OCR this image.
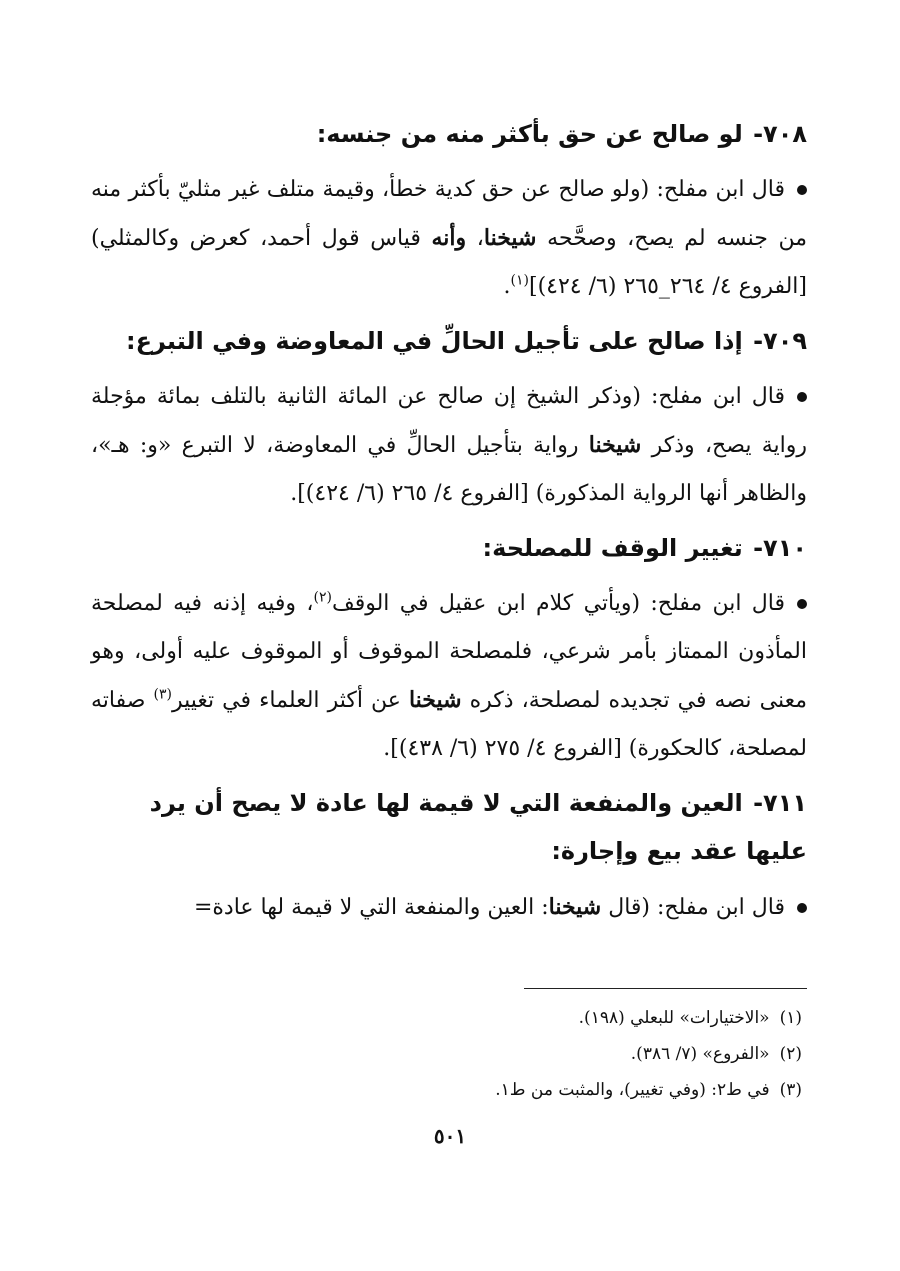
٧٠٨- لو صالح عن حق بأكثر منه من جنسه:

قال ابن مفلح: (ولو صالح عن حق كدية خطأ، وقيمة متلف غير مثليّ بأكثر منه من جنسه لم يصح، وصحَّحه شيخنا، وأنه قياس قول أحمد، كعرض وكالمثلي) [الفروع ٤/ ٢٦٤_٢٦٥ (٦/ ٤٢٤)]$^{(١)}$.

٧٠٩- إذا صالح على تأجيل الحالِّ في المعاوضة وفي التبرع:

قال ابن مفلح: (وذكر الشيخ إن صالح عن المائة الثانية بالتلف بمائة مؤجلة رواية يصح، وذكر شيخنا رواية بتأجيل الحالِّ في المعاوضة، لا التبرع «و: هـ»، والظاهر أنها الرواية المذكورة) [الفروع ٤/ ٢٦٥ (٦/ ٤٢٤)].

٧١٠- تغيير الوقف للمصلحة:

قال ابن مفلح: (ويأتي كلام ابن عقيل في الوقف$^{(٢)}$، وفيه إذنه فيه لمصلحة المأذون الممتاز بأمر شرعي، فلمصلحة الموقوف أو الموقوف عليه أولى، وهو معنى نصه في تجديده لمصلحة، ذكره شيخنا عن أكثر العلماء في تغيير$^{(٣)}$ صفاته لمصلحة، كالحكورة) [الفروع ٤/ ٢٧٥ (٦/ ٤٣٨)].

٧١١- العين والمنفعة التي لا قيمة لها عادة لا يصح أن يرد عليها عقد بيع وإجارة:

قال ابن مفلح: (قال شيخنا: العين والمنفعة التي لا قيمة لها عادة=

(١)«الاختيارات» للبعلي (١٩٨).
(٢)«الفروع» (٧/ ٣٨٦).
(٣)في ط٢: (وفي تغيير)، والمثبت من ط١.
٥٠١
